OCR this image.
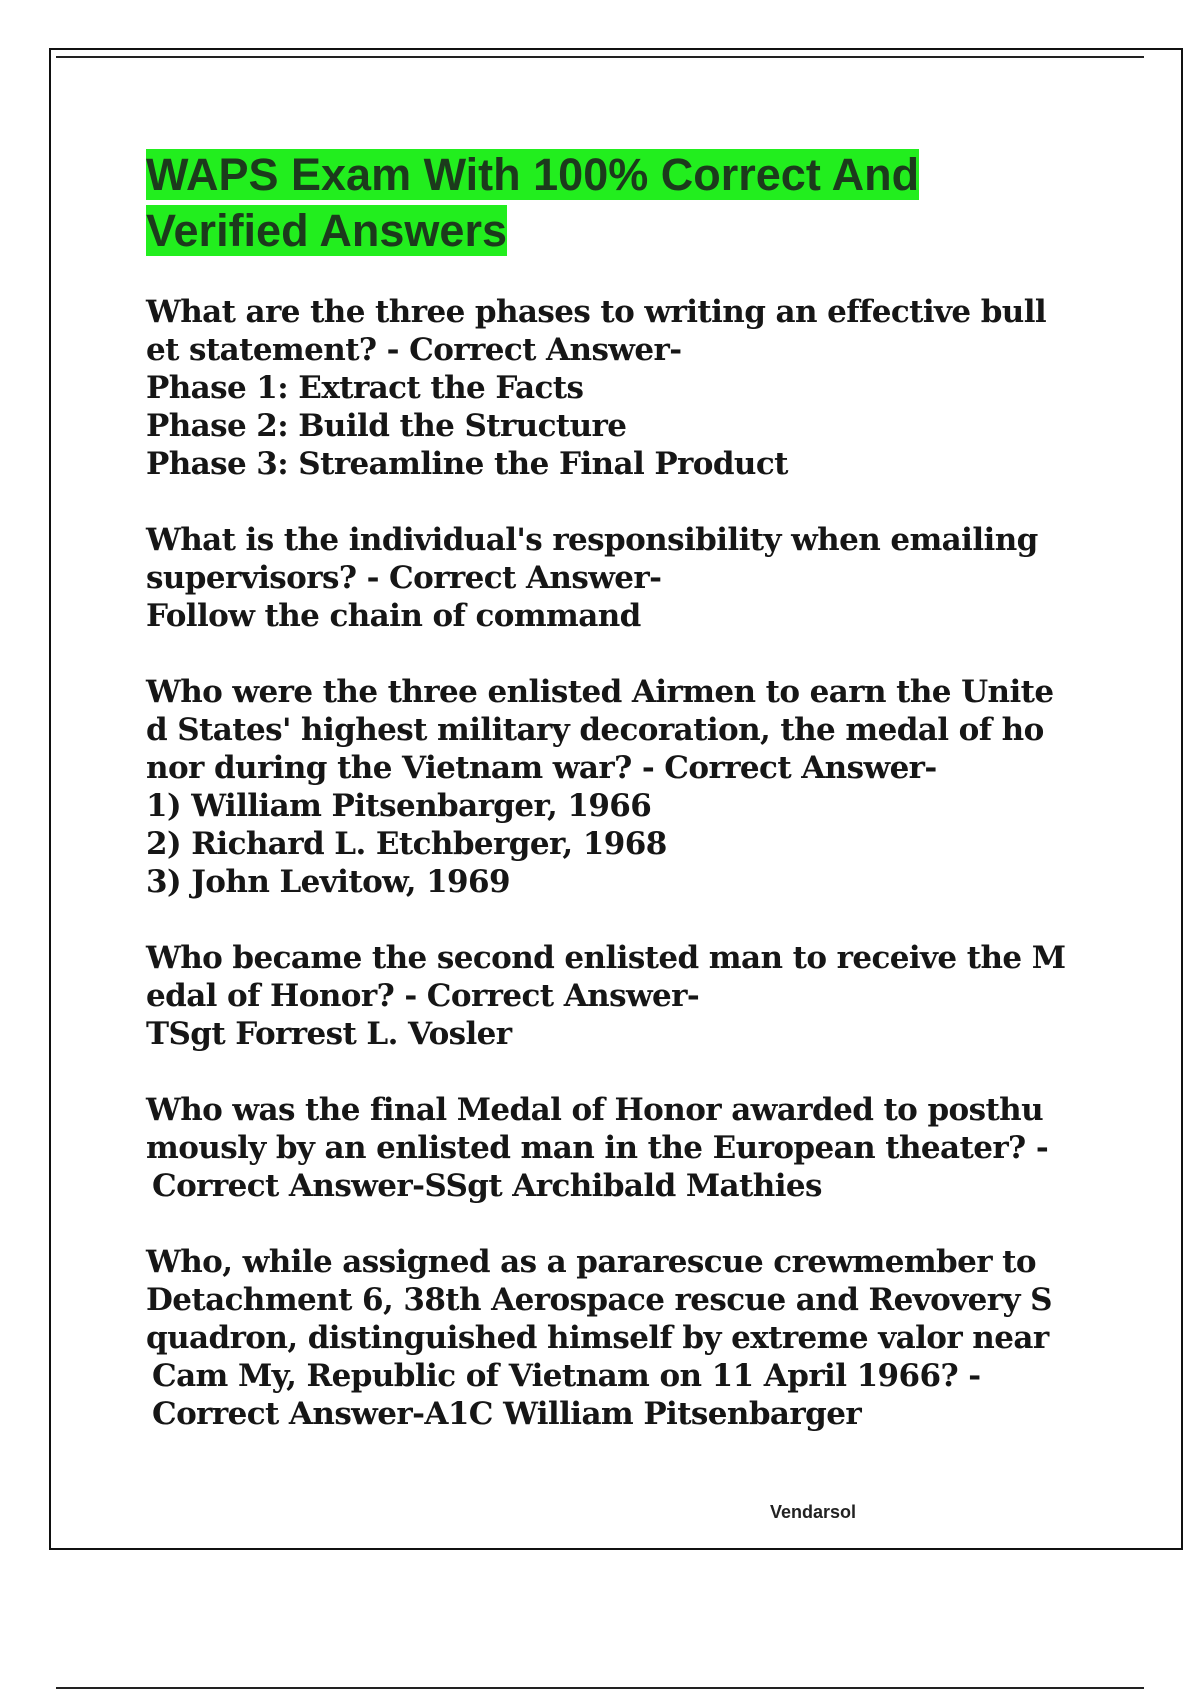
WAPS Exam With 100% Correct And
Verified Answers
What are the three phases to writing an effective bull
et statement? - Correct Answer-
Phase 1: Extract the Facts
Phase 2: Build the Structure
Phase 3: Streamline the Final Product
What is the individual's responsibility when emailing
supervisors? - Correct Answer-
Follow the chain of command
Who were the three enlisted Airmen to earn the Unite
d States' highest military decoration, the medal of ho
nor during the Vietnam war? - Correct Answer-
1) William Pitsenbarger, 1966
2) Richard L. Etchberger, 1968
3) John Levitow, 1969
Who became the second enlisted man to receive the M
edal of Honor? - Correct Answer-
TSgt Forrest L. Vosler
Who was the final Medal of Honor awarded to posthu
mously by an enlisted man in the European theater? -
Correct Answer-SSgt Archibald Mathies
Who, while assigned as a pararescue crewmember to
Detachment 6, 38th Aerospace rescue and Revovery S
quadron, distinguished himself by extreme valor near
Cam My, Republic of Vietnam on 11 April 1966? -
Correct Answer-A1C William Pitsenbarger
Vendarsol
